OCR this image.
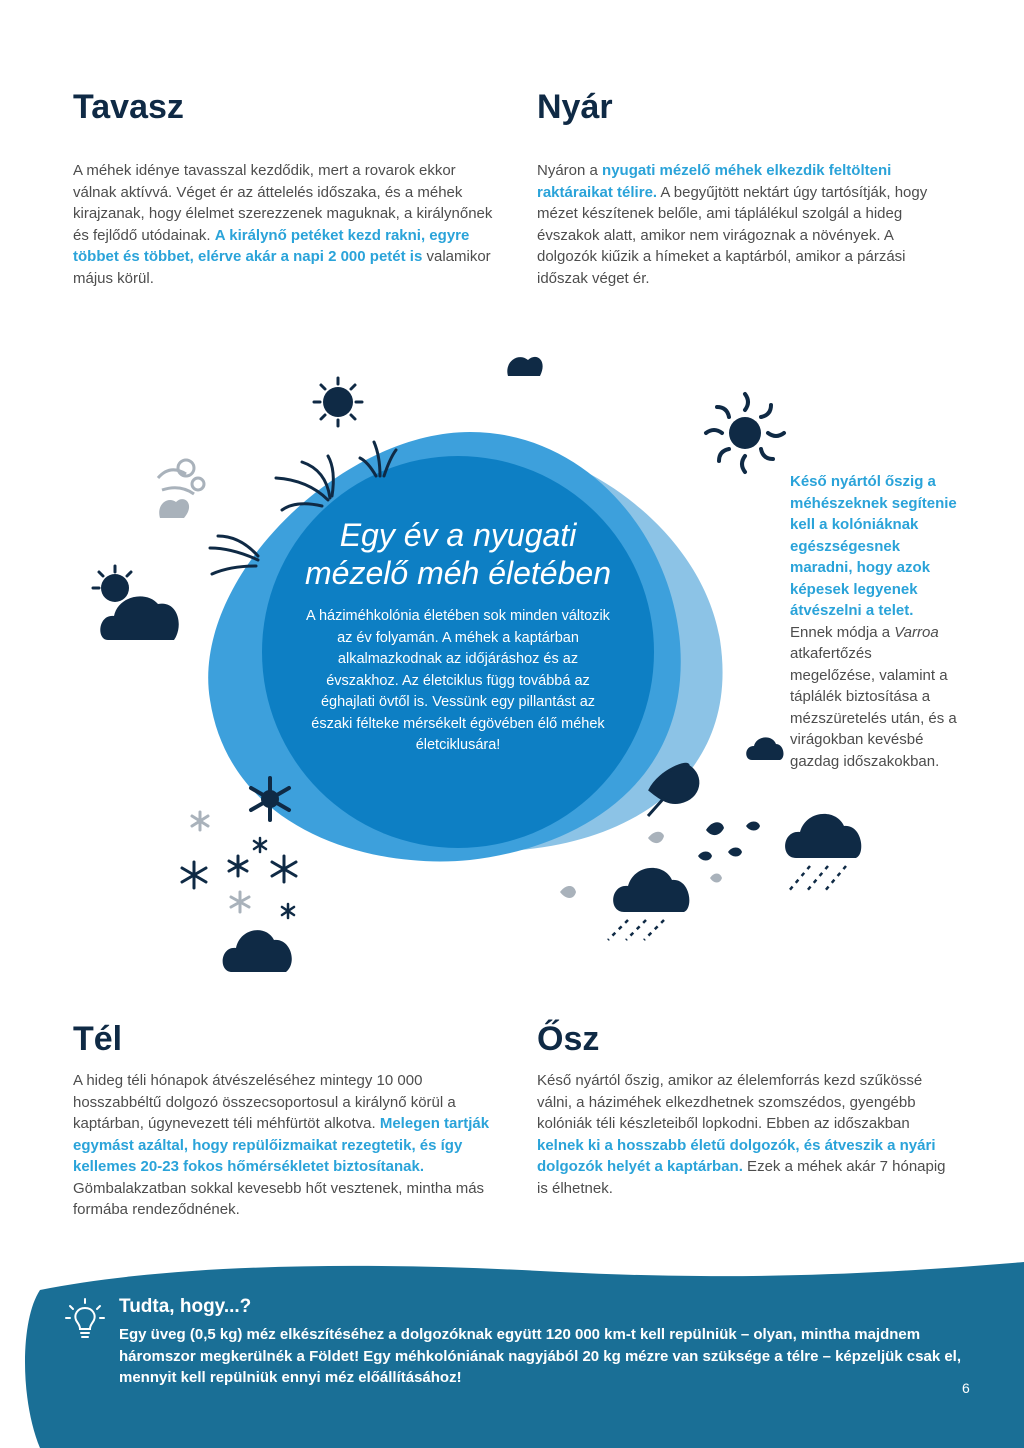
Tavasz

A méhek idénye tavasszal kezdődik, mert a rovarok ekkor válnak aktívvá. Véget ér az áttelelés időszaka, és a méhek kirajzanak, hogy élelmet szerezzenek maguknak, a királynőnek és fejlődő utódainak. A királynő petéket kezd rakni, egyre többet és többet, elérve akár a napi 2 000 petét is valamikor május körül.

Nyár

Nyáron a nyugati mézelő méhek elkezdik feltölteni raktáraikat télire. A begyűjtött nektárt úgy tartósítják, hogy mézet készítenek belőle, ami táplálékul szolgál a hideg évszakok alatt, amikor nem virágoznak a növények. A dolgozók kiűzik a hímeket a kaptárból, amikor a párzási időszak véget ér.

Egy év a nyugati mézelő méh életében

A háziméhkolónia életében sok minden változik az év folyamán. A méhek a kaptárban alkalmazkodnak az időjáráshoz és az évszakhoz. Az életciklus függ továbbá az éghajlati övtől is. Vessünk egy pillantást az északi félteke mérsékelt égövében élő méhek életciklusára!

Késő nyártól őszig a méhészeknek segítenie kell a kolóniáknak egészségesnek maradni, hogy azok képesek legyenek átvészelni a telet. Ennek módja a Varroa atkafertőzés megelőzése, valamint a táplálék biztosítása a mézszüretelés után, és a virágokban kevésbé gazdag időszakokban.

Tél

A hideg téli hónapok átvészeléséhez mintegy 10 000 hosszabbéltű dolgozó összecsoportosul a királynő körül a kaptárban, úgynevezett téli méhfürtöt alkotva. Melegen tartják egymást azáltal, hogy repülőizmaikat rezegtetik, és így kellemes 20-23 fokos hőmérsékletet biztosítanak. Gömbalakzatban sokkal kevesebb hőt vesztenek, mintha más formába rendeződnének.

Ősz

Késő nyártól őszig, amikor az élelemforrás kezd szűkössé válni, a háziméhek elkezdhetnek szomszédos, gyengébb kolóniák téli készleteiből lopkodni. Ebben az időszakban kelnek ki a hosszabb életű dolgozók, és átveszik a nyári dolgozók helyét a kaptárban. Ezek a méhek akár 7 hónapig is élhetnek.

Tudta, hogy...?

Egy üveg (0,5 kg) méz elkészítéséhez a dolgozóknak együtt 120 000 km-t kell repülniük – olyan, mintha majdnem háromszor megkerülnék a Földet! Egy méhkolóniának nagyjából 20 kg mézre van szüksége a télre – képzeljük csak el, mennyit kell repülniük ennyi méz előállításához!

6
